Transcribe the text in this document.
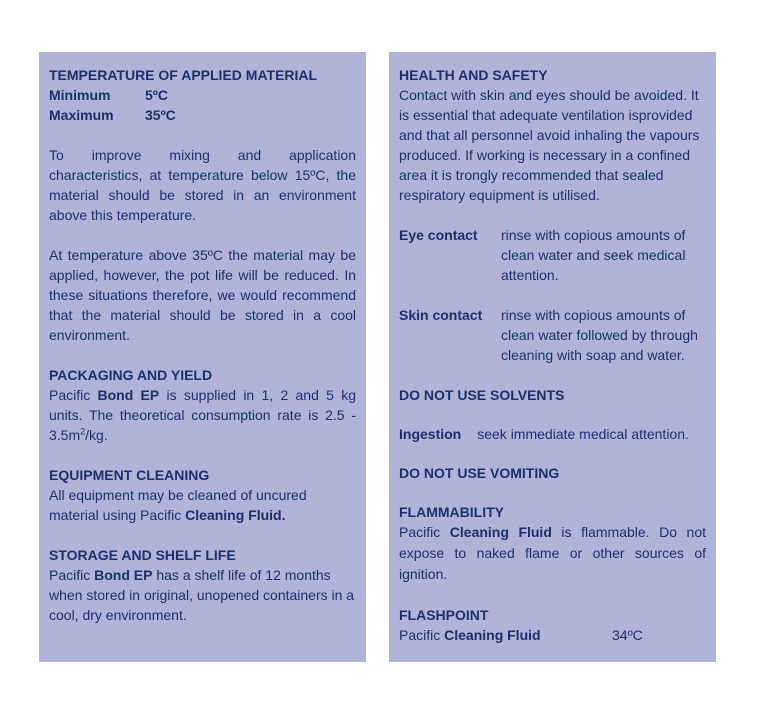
TEMPERATURE OF APPLIED MATERIAL
Minimum	5ºC
Maximum	35ºC
To improve mixing and application characteristics, at temperature below 15ºC, the material should be stored in an environment above this temperature.
At temperature above 35ºC the material may be applied, however, the pot life will be reduced. In these situations therefore, we would recommend that the material should be stored in a cool environment.
PACKAGING AND YIELD
Pacific Bond EP is supplied in 1, 2 and 5 kg units. The theoretical consumption rate is $2.5 - 3.5m^2/kg$.
EQUIPMENT CLEANING
All equipment may be cleaned of uncured material using Pacific Cleaning Fluid.
STORAGE AND SHELF LIFE
Pacific Bond EP has a shelf life of 12 months when stored in original, unopened containers in a cool, dry environment.
HEALTH AND SAFETY
Contact with skin and eyes should be avoided. It is essential that adequate ventilation isprovided and that all personnel avoid inhaling the vapours produced. If working is necessary in a confined area it is trongly recommended that sealed respiratory equipment is utilised.
Eye contact	rinse with copious amounts of clean water and seek medical attention.
Skin contact	rinse with copious amounts of clean water followed by through cleaning with soap and water.
DO NOT USE SOLVENTS
Ingestion seek immediate medical attention.
DO NOT USE VOMITING
FLAMMABILITY
Pacific Cleaning Fluid is flammable. Do not expose to naked flame or other sources of ignition.
FLASHPOINT
Pacific Cleaning Fluid	34ºC
